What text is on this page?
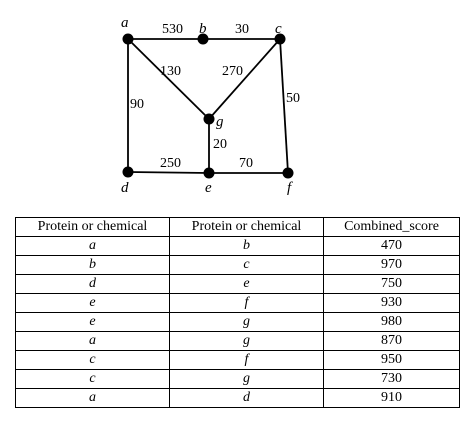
530	30
130	270
90	50
20
250	70
a	b	c
g
d	e	f
Protein or chemical	Protein or chemical	Combined_score
a	b	470
b	c	970
d	e	750
e	f	930
e	g	980
a	g	870
c	f	950
c	g	730
a	d	910
